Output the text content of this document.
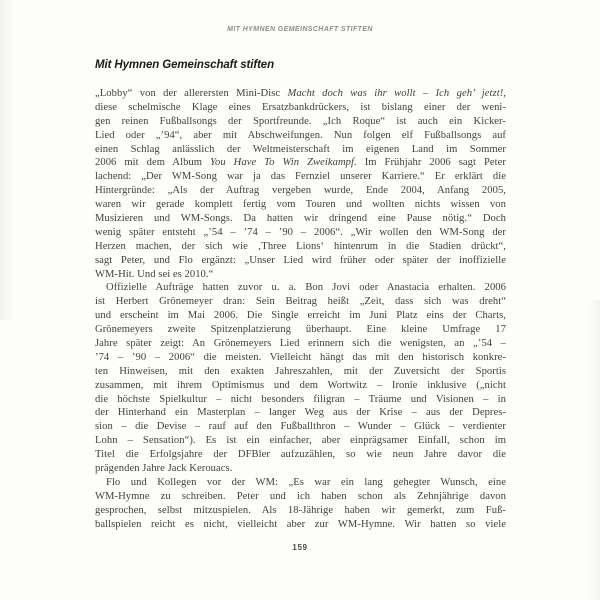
MIT HYMNEN GEMEINSCHAFT STIFTEN
Mit Hymnen Gemeinschaft stiften
„Lobby“ von der allerersten Mini-Disc Macht doch was ihr wollt – Ich geh’ jetzt!,
diese schelmische Klage eines Ersatzbankdrückers, ist bislang einer der weni-
gen reinen Fußballsongs der Sportfreunde. „Ich Roque“ ist auch ein Kicker-
Lied oder „’94“, aber mit Abschweifungen. Nun folgen elf Fußballsongs auf
einen Schlag anlässlich der Weltmeisterschaft im eigenen Land im Sommer
2006 mit dem Album You Have To Win Zweikampf. Im Frühjahr 2006 sagt Peter
lachend: „Der WM-Song war ja das Fernziel unserer Karriere.“ Er erklärt die
Hintergründe: „Als der Auftrag vergeben wurde, Ende 2004, Anfang 2005,
waren wir gerade komplett fertig vom Touren und wollten nichts wissen von
Musizieren und WM-Songs. Da hatten wir dringend eine Pause nötig.“ Doch
wenig später entsteht „’54 – ’74 – ’90 – 2006“. „Wir wollen den WM-Song der
Herzen machen, der sich wie ‚Three Lions‘ hintenrum in die Stadien drückt“,
sagt Peter, und Flo ergänzt: „Unser Lied wird früher oder später der inoffizielle
WM-Hit. Und sei es 2010.“
Offizielle Aufträge hatten zuvor u. a. Bon Jovi oder Anastacia erhalten. 2006
ist Herbert Grönemeyer dran: Sein Beitrag heißt „Zeit, dass sich was dreht“
und erscheint im Mai 2006. Die Single erreicht im Juni Platz eins der Charts,
Grönemeyers zweite Spitzenplatzierung überhaupt. Eine kleine Umfrage 17
Jahre später zeigt: An Grönemeyers Lied erinnern sich die wenigsten, an „’54 –
’74 – ’90 – 2006“ die meisten. Vielleicht hängt das mit den historisch konkre-
ten Hinweisen, mit den exakten Jahreszahlen, mit der Zuversicht der Sportis
zusammen, mit ihrem Optimismus und dem Wortwitz – Ironie inklusive („nicht
die höchste Spielkultur – nicht besonders filigran – Träume und Visionen – in
der Hinterhand ein Masterplan – langer Weg aus der Krise – aus der Depres-
sion – die Devise – rauf auf den Fußballthron – Wunder – Glück – verdienter
Lohn – Sensation“). Es ist ein einfacher, aber einprägsamer Einfall, schon im
Titel die Erfolgsjahre der DFBler aufzuzählen, so wie neun Jahre davor die
prägenden Jahre Jack Kerouacs.
Flo und Kollegen vor der WM: „Es war ein lang gehegter Wunsch, eine
WM-Hymne zu schreiben. Peter und ich haben schon als Zehnjährige davon
gesprochen, selbst mitzuspielen. Als 18-Jährige haben wir gemerkt, zum Fuß-
ballspielen reicht es nicht, vielleicht aber zur WM-Hymne. Wir hatten so viele
159
